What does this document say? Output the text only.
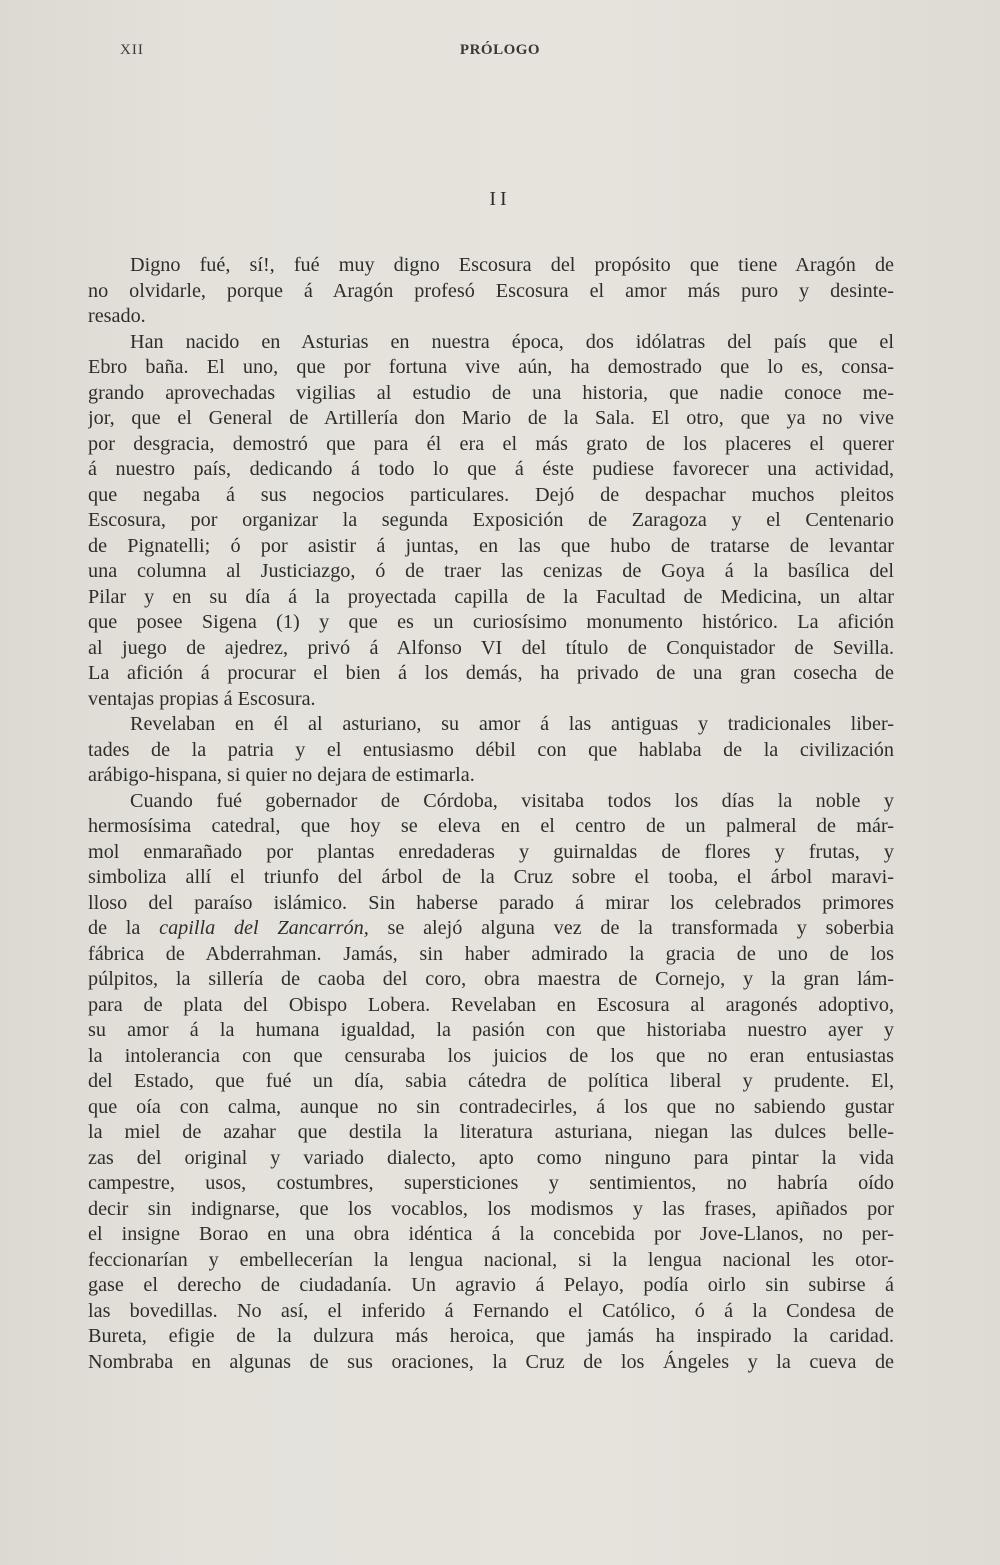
XII	PRÓLOGO
II
Digno fué, sí!, fué muy digno Escosura del propósito que tiene Aragón de
no olvidarle, porque á Aragón profesó Escosura el amor más puro y desinte-
resado.
Han nacido en Asturias en nuestra época, dos idólatras del país que el
Ebro baña. El uno, que por fortuna vive aún, ha demostrado que lo es, consa-
grando aprovechadas vigilias al estudio de una historia, que nadie conoce me-
jor, que el General de Artillería don Mario de la Sala. El otro, que ya no vive
por desgracia, demostró que para él era el más grato de los placeres el querer
á nuestro país, dedicando á todo lo que á éste pudiese favorecer una actividad,
que negaba á sus negocios particulares. Dejó de despachar muchos pleitos
Escosura, por organizar la segunda Exposición de Zaragoza y el Centenario
de Pignatelli; ó por asistir á juntas, en las que hubo de tratarse de levantar
una columna al Justiciazgo, ó de traer las cenizas de Goya á la basílica del
Pilar y en su día á la proyectada capilla de la Facultad de Medicina, un altar
que posee Sigena (1) y que es un curiosísimo monumento histórico. La afición
al juego de ajedrez, privó á Alfonso VI del título de Conquistador de Sevilla.
La afición á procurar el bien á los demás, ha privado de una gran cosecha de
ventajas propias á Escosura.
Revelaban en él al asturiano, su amor á las antiguas y tradicionales liber-
tades de la patria y el entusiasmo débil con que hablaba de la civilización
arábigo-hispana, si quier no dejara de estimarla.
Cuando fué gobernador de Córdoba, visitaba todos los días la noble y
hermosísima catedral, que hoy se eleva en el centro de un palmeral de már-
mol enmarañado por plantas enredaderas y guirnaldas de flores y frutas, y
simboliza allí el triunfo del árbol de la Cruz sobre el tooba, el árbol maravi-
lloso del paraíso islámico. Sin haberse parado á mirar los celebrados primores
de la capilla del Zancarrón, se alejó alguna vez de la transformada y soberbia
fábrica de Abderrahman. Jamás, sin haber admirado la gracia de uno de los
púlpitos, la sillería de caoba del coro, obra maestra de Cornejo, y la gran lám-
para de plata del Obispo Lobera. Revelaban en Escosura al aragonés adoptivo,
su amor á la humana igualdad, la pasión con que historiaba nuestro ayer y
la intolerancia con que censuraba los juicios de los que no eran entusiastas
del Estado, que fué un día, sabia cátedra de política liberal y prudente. El,
que oía con calma, aunque no sin contradecirles, á los que no sabiendo gustar
la miel de azahar que destila la literatura asturiana, niegan las dulces belle-
zas del original y variado dialecto, apto como ninguno para pintar la vida
campestre, usos, costumbres, supersticiones y sentimientos, no habría oído
decir sin indignarse, que los vocablos, los modismos y las frases, apiñados por
el insigne Borao en una obra idéntica á la concebida por Jove-Llanos, no per-
feccionarían y embellecerían la lengua nacional, si la lengua nacional les otor-
gase el derecho de ciudadanía. Un agravio á Pelayo, podía oirlo sin subirse á
las bovedillas. No así, el inferido á Fernando el Católico, ó á la Condesa de
Bureta, efigie de la dulzura más heroica, que jamás ha inspirado la caridad.
Nombraba en algunas de sus oraciones, la Cruz de los Ángeles y la cueva de
